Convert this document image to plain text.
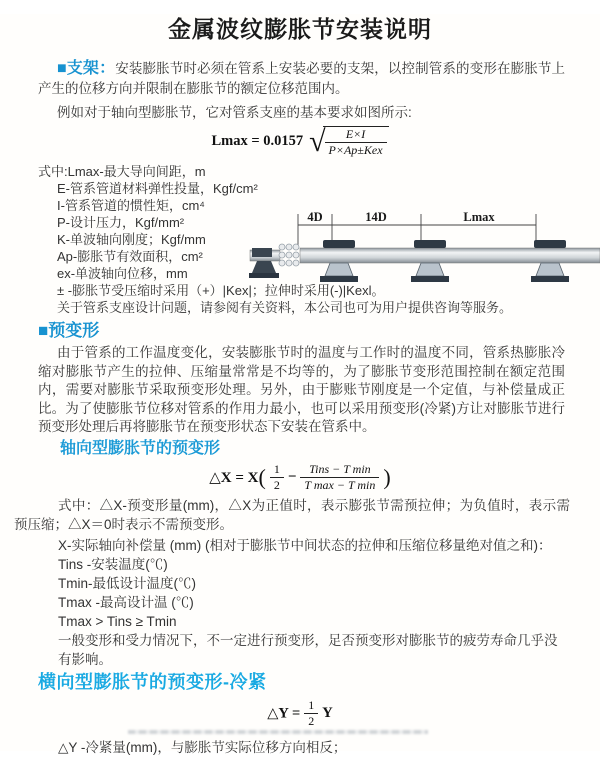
金属波纹膨胀节安装说明

■支架：安装膨胀节时必须在管系上安装必要的支架，以控制管系的变形在膨胀节上产生的位移方向并限制在膨胀节的额定位移范围内。

例如对于轴向型膨胀节，它对管系支座的基本要求如图所示:

Lmax = 0.0157 √ $\frac{E\times I}{\text{P×Ap±Kex}}$
式中:Lmax-最大导向间距，m
E-管系管道材料弹性投量，Kgf/cm²
I-管系管道的惯性矩，cm⁴
P-设计压力，Kgf/mm²
K-单波轴向刚度；Kgf/mm
Ap-膨胀节有效面积，cm²
ex-单波轴向位移，mm
± -膨胀节受压缩时采用（+）|Kex|；拉伸时采用(-)|Kexl。
关于管系支座设计问题，请参阅有关资料，本公司也可为用户提供咨询等服务。
4D	14D	Lmax
■预变形

由于管系的工作温度变化，安装膨胀节时的温度与工作时的温度不同，管系热膨胀冷缩对膨胀节产生的拉伸、压缩量常常是不均等的，为了膨胀节变形范围控制在额定范围内，需要对膨胀节采取预变形处理。另外，由于膨账节刚度是一个定值，与补偿量成正比。为了使膨胀节位移对管系的作用力最小，也可以采用预变形(冷紧)方让对膨胀节进行预变形处理后再将膨胀节在预变形状态下安装在管系中。

轴向型膨胀节的预变形
△X = $X( \frac{1}{2} - \frac{\text{Tins − T min}}{\text{T max − T min}}$ )

式中：△X-预变形量(mm)，△X为正值时，表示膨张节需预拉伸；为负值时，表示需预压缩；△X＝0时表示不需预变形。

X-实际轴向补偿量 (mm) (相对于膨胀节中间状态的拉伸和压缩位移量绝对值之和)：
Tins -安装温度(℃)
Tmin-最低设计温度(℃)
Tmax -最高设计温 (℃)
Tmax > Tins ≥ Tmin
一般变形和受力情况下，不一定进行预变形，足否预变形对膨胀节的疲劳寿命几乎没有影响。
横向型膨胀节的预变形-冷紧
△Y = $\frac{1}{2}$ Y

△Y -冷紧量(mm)，与膨胀节实际位移方向相反；
